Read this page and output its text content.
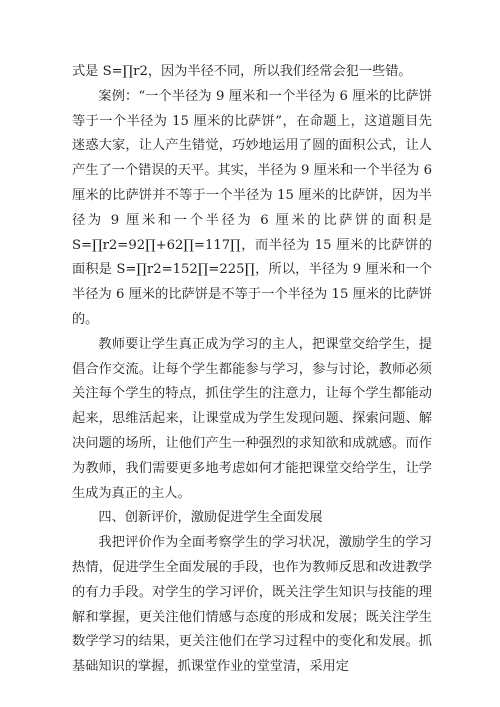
式是 S=∏r2，因为半径不同，所以我们经常会犯一些错。

案例：“一个半径为 9 厘米和一个半径为 6 厘米的比萨饼等于一个半径为 15 厘米的比萨饼”，在命题上，这道题目先迷惑大家，让人产生错觉，巧妙地运用了圆的面积公式，让人产生了一个错误的天平。其实，半径为 9 厘米和一个半径为 6 厘米的比萨饼并不等于一个半径为 15 厘米的比萨饼，因为半径为 9 厘米和一个半径为 6 厘米的比萨饼的面积是 S=∏r2=92∏+62∏=117∏，而半径为 15 厘米的比萨饼的面积是 S=∏r2=152∏=225∏，所以，半径为 9 厘米和一个半径为 6 厘米的比萨饼是不等于一个半径为 15 厘米的比萨饼的。

教师要让学生真正成为学习的主人，把课堂交给学生，提倡合作交流。让每个学生都能参与学习，参与讨论，教师必须关注每个学生的特点，抓住学生的注意力，让每个学生都能动起来，思维活起来，让课堂成为学生发现问题、探索问题、解决问题的场所，让他们产生一种强烈的求知欲和成就感。而作为教师，我们需要更多地考虑如何才能把课堂交给学生，让学生成为真正的主人。

四、创新评价，激励促进学生全面发展

我把评价作为全面考察学生的学习状况，激励学生的学习热情，促进学生全面发展的手段，也作为教师反思和改进教学的有力手段。对学生的学习评价，既关注学生知识与技能的理解和掌握，更关注他们情感与态度的形成和发展；既关注学生数学学习的结果，更关注他们在学习过程中的变化和发展。抓基础知识的掌握，抓课堂作业的堂堂清，采用定
